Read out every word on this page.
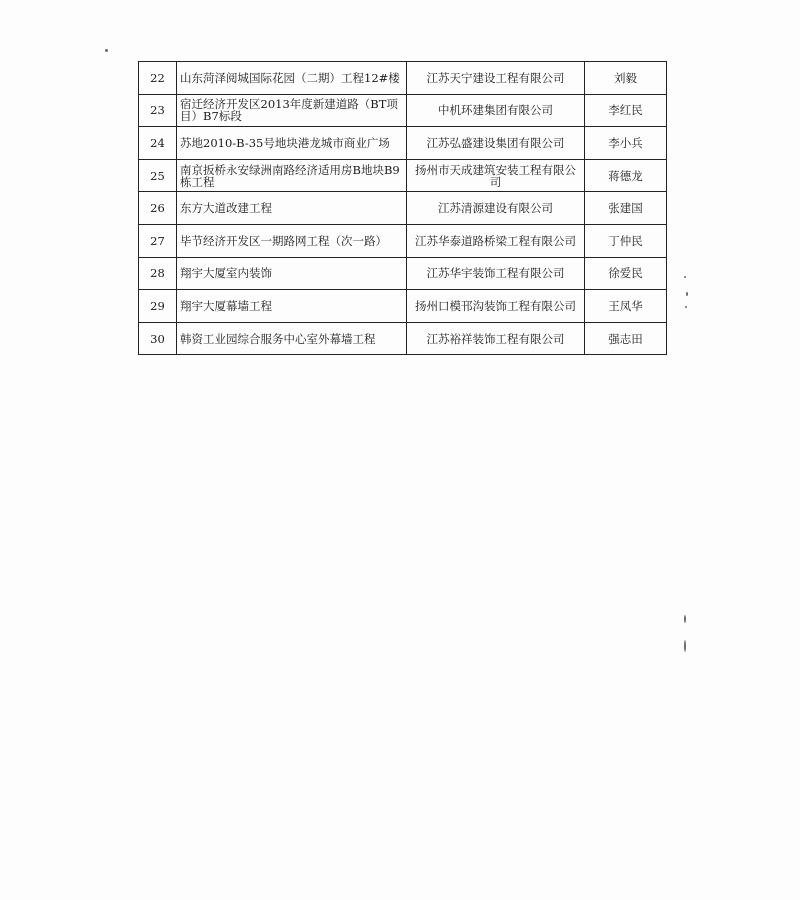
22	山东菏泽阅城国际花园（二期）工程12#楼	江苏天宁建设工程有限公司	刘毅
23	宿迁经济开发区2013年度新建道路（BT项目）B7标段	中机环建集团有限公司	李红民
24	苏地2010-B-35号地块港龙城市商业广场	江苏弘盛建设集团有限公司	李小兵
25	南京扳桥永安绿洲南路经济适用房B地块B9栋工程	扬州市天成建筑安装工程有限公司	蒋德龙
26	东方大道改建工程	江苏清源建设有限公司	张建国
27	毕节经济开发区一期路网工程（次一路）	江苏华泰道路桥梁工程有限公司	丁仲民
28	翔宇大厦室内装饰	江苏华宇装饰工程有限公司	徐爱民
29	翔宇大厦幕墙工程	扬州口模邗沟装饰工程有限公司	王凤华
30	韩资工业园综合服务中心室外幕墙工程	江苏裕祥装饰工程有限公司	强志田
